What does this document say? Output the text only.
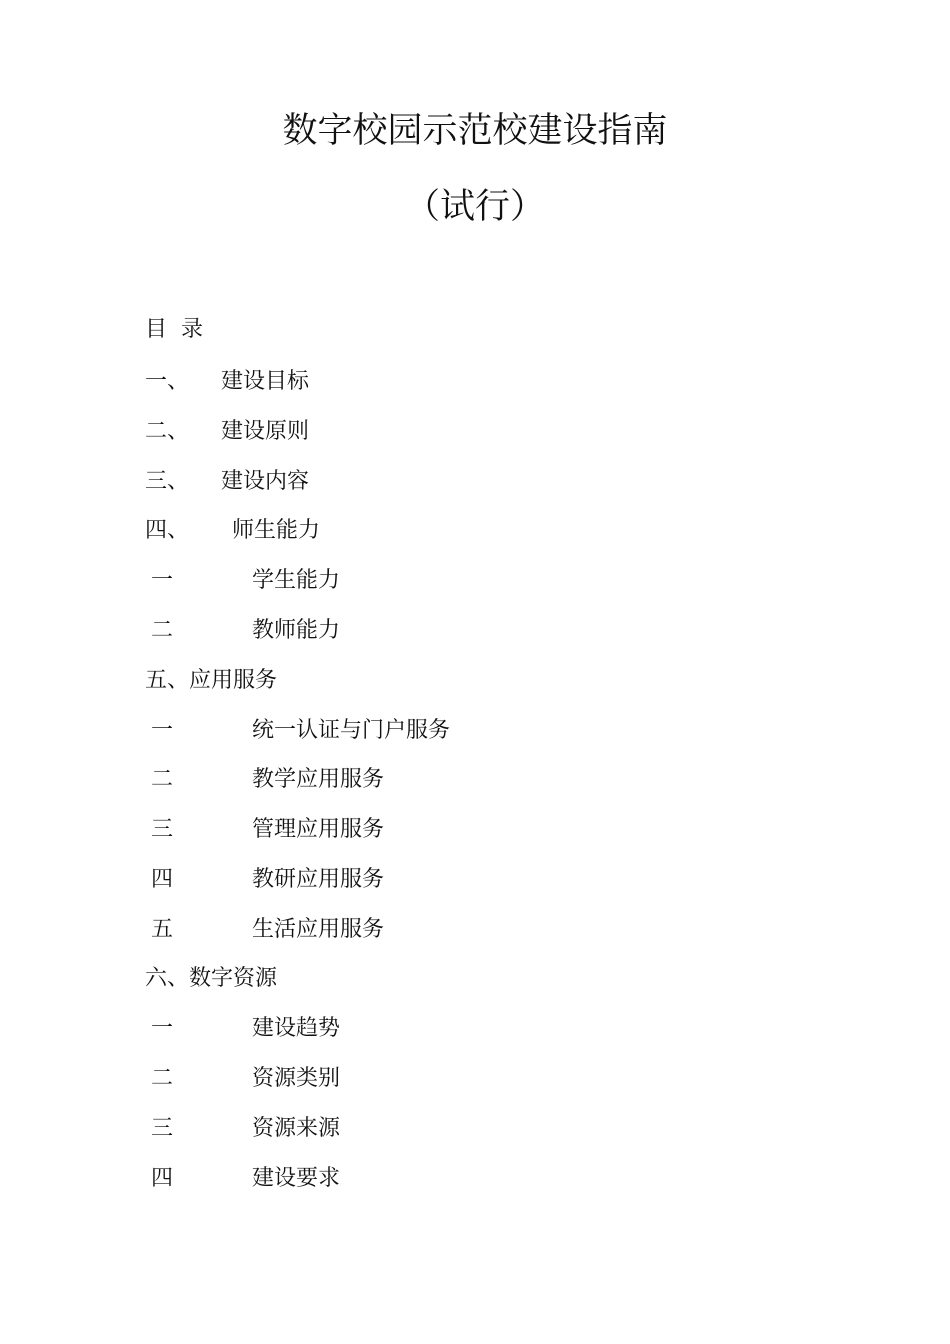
数字校园示范校建设指南
（试行）
目  录
一、 建设目标
二、 建设原则
三、 建设内容
四、 师生能力
一	学生能力
二	教师能力
五、 应用服务
一	统一认证与门户服务
二	教学应用服务
三	管理应用服务
四	教研应用服务
五	生活应用服务
六、 数字资源
一	建设趋势
二	资源类别
三	资源来源
四	建设要求
